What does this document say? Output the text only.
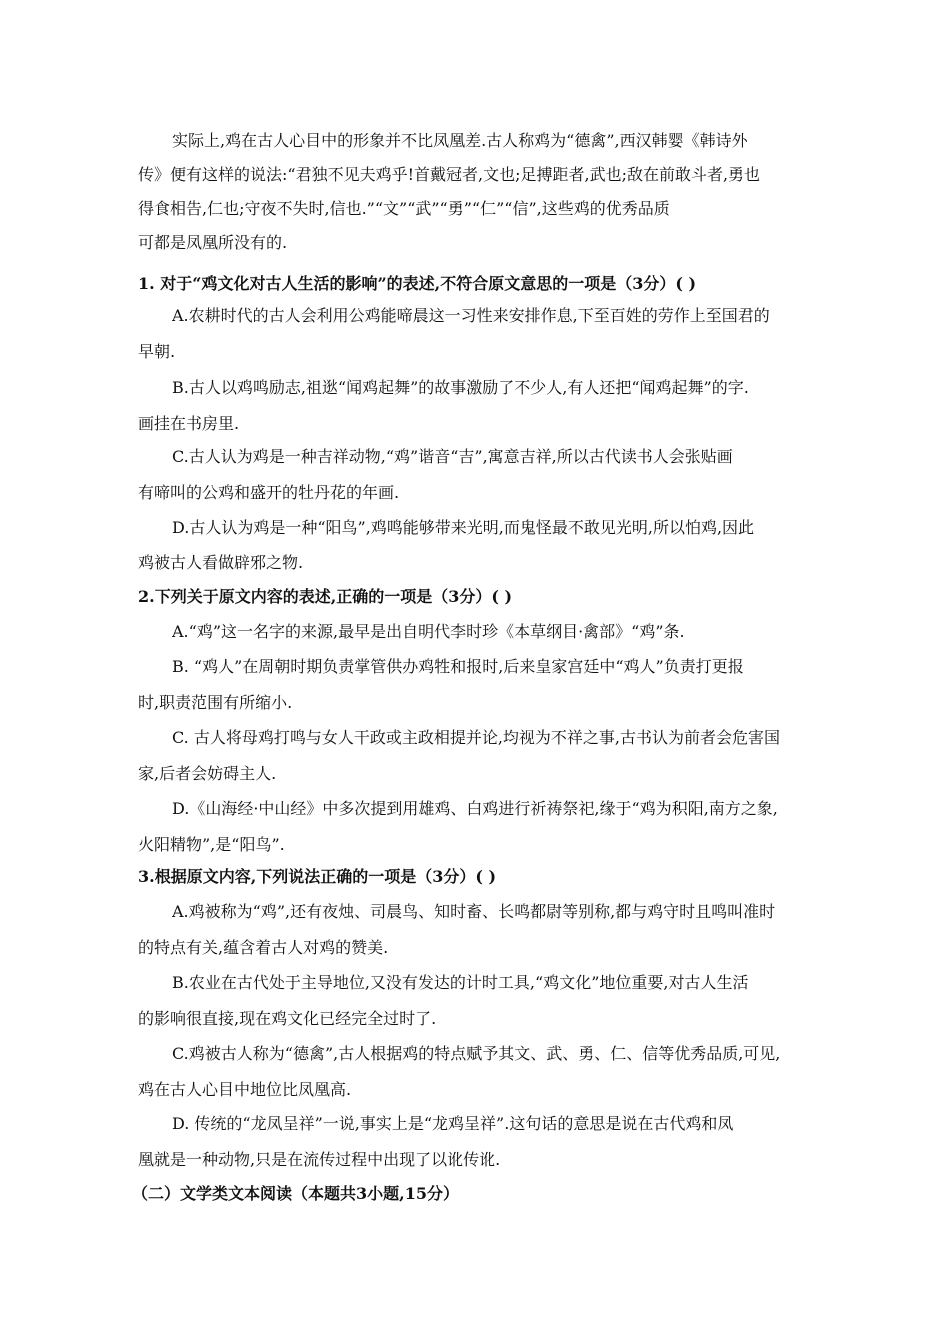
实际上,鸡在古人心目中的形象并不比凤凰差.古人称鸡为“德禽”,西汉韩婴《韩诗外
传》便有这样的说法:“君独不见夫鸡乎!首戴冠者,文也;足搏距者,武也;敌在前敢斗者,勇也
得食相告,仁也;守夜不失时,信也.”“文”“武”“勇”“仁”“信”,这些鸡的优秀品质
可都是凤凰所没有的.
1. 对于“鸡文化对古人生活的影响”的表述,不符合原文意思的一项是（3分）( )
A.农耕时代的古人会利用公鸡能啼晨这一习性来安排作息,下至百姓的劳作上至国君的
早朝.
B.古人以鸡鸣励志,祖逖“闻鸡起舞”的故事激励了不少人,有人还把“闻鸡起舞”的字.
画挂在书房里.
C.古人认为鸡是一种吉祥动物,“鸡”谐音“吉”,寓意吉祥,所以古代读书人会张贴画
有啼叫的公鸡和盛开的牡丹花的年画.
D.古人认为鸡是一种“阳鸟”,鸡鸣能够带来光明,而鬼怪最不敢见光明,所以怕鸡,因此
鸡被古人看做辟邪之物.
2.下列关于原文内容的表述,正确的一项是（3分）( )
A.“鸡”这一名字的来源,最早是出自明代李时珍《本草纲目·禽部》“鸡”条.
B. “鸡人”在周朝时期负责掌管供办鸡牲和报时,后来皇家宫廷中“鸡人”负责打更报
时,职责范围有所缩小.
C. 古人将母鸡打鸣与女人干政或主政相提并论,均视为不祥之事,古书认为前者会危害国
家,后者会妨碍主人.
D.《山海经·中山经》中多次提到用雄鸡、白鸡进行祈祷祭祀,缘于“鸡为积阳,南方之象,
火阳精物”,是“阳鸟”.
3.根据原文内容,下列说法正确的一项是（3分）( )
A.鸡被称为“鸡”,还有夜烛、司晨鸟、知时畜、长鸣都尉等别称,都与鸡守时且鸣叫准时
的特点有关,蕴含着古人对鸡的赞美.
B.农业在古代处于主导地位,又没有发达的计时工具,“鸡文化”地位重要,对古人生活
的影响很直接,现在鸡文化已经完全过时了.
C.鸡被古人称为“德禽”,古人根据鸡的特点赋予其文、武、勇、仁、信等优秀品质,可见,
鸡在古人心目中地位比凤凰高.
D. 传统的“龙凤呈祥”一说,事实上是“龙鸡呈祥”.这句话的意思是说在古代鸡和凤
凰就是一种动物,只是在流传过程中出现了以讹传讹.
（二）文学类文本阅读（本题共3小题,15分）
